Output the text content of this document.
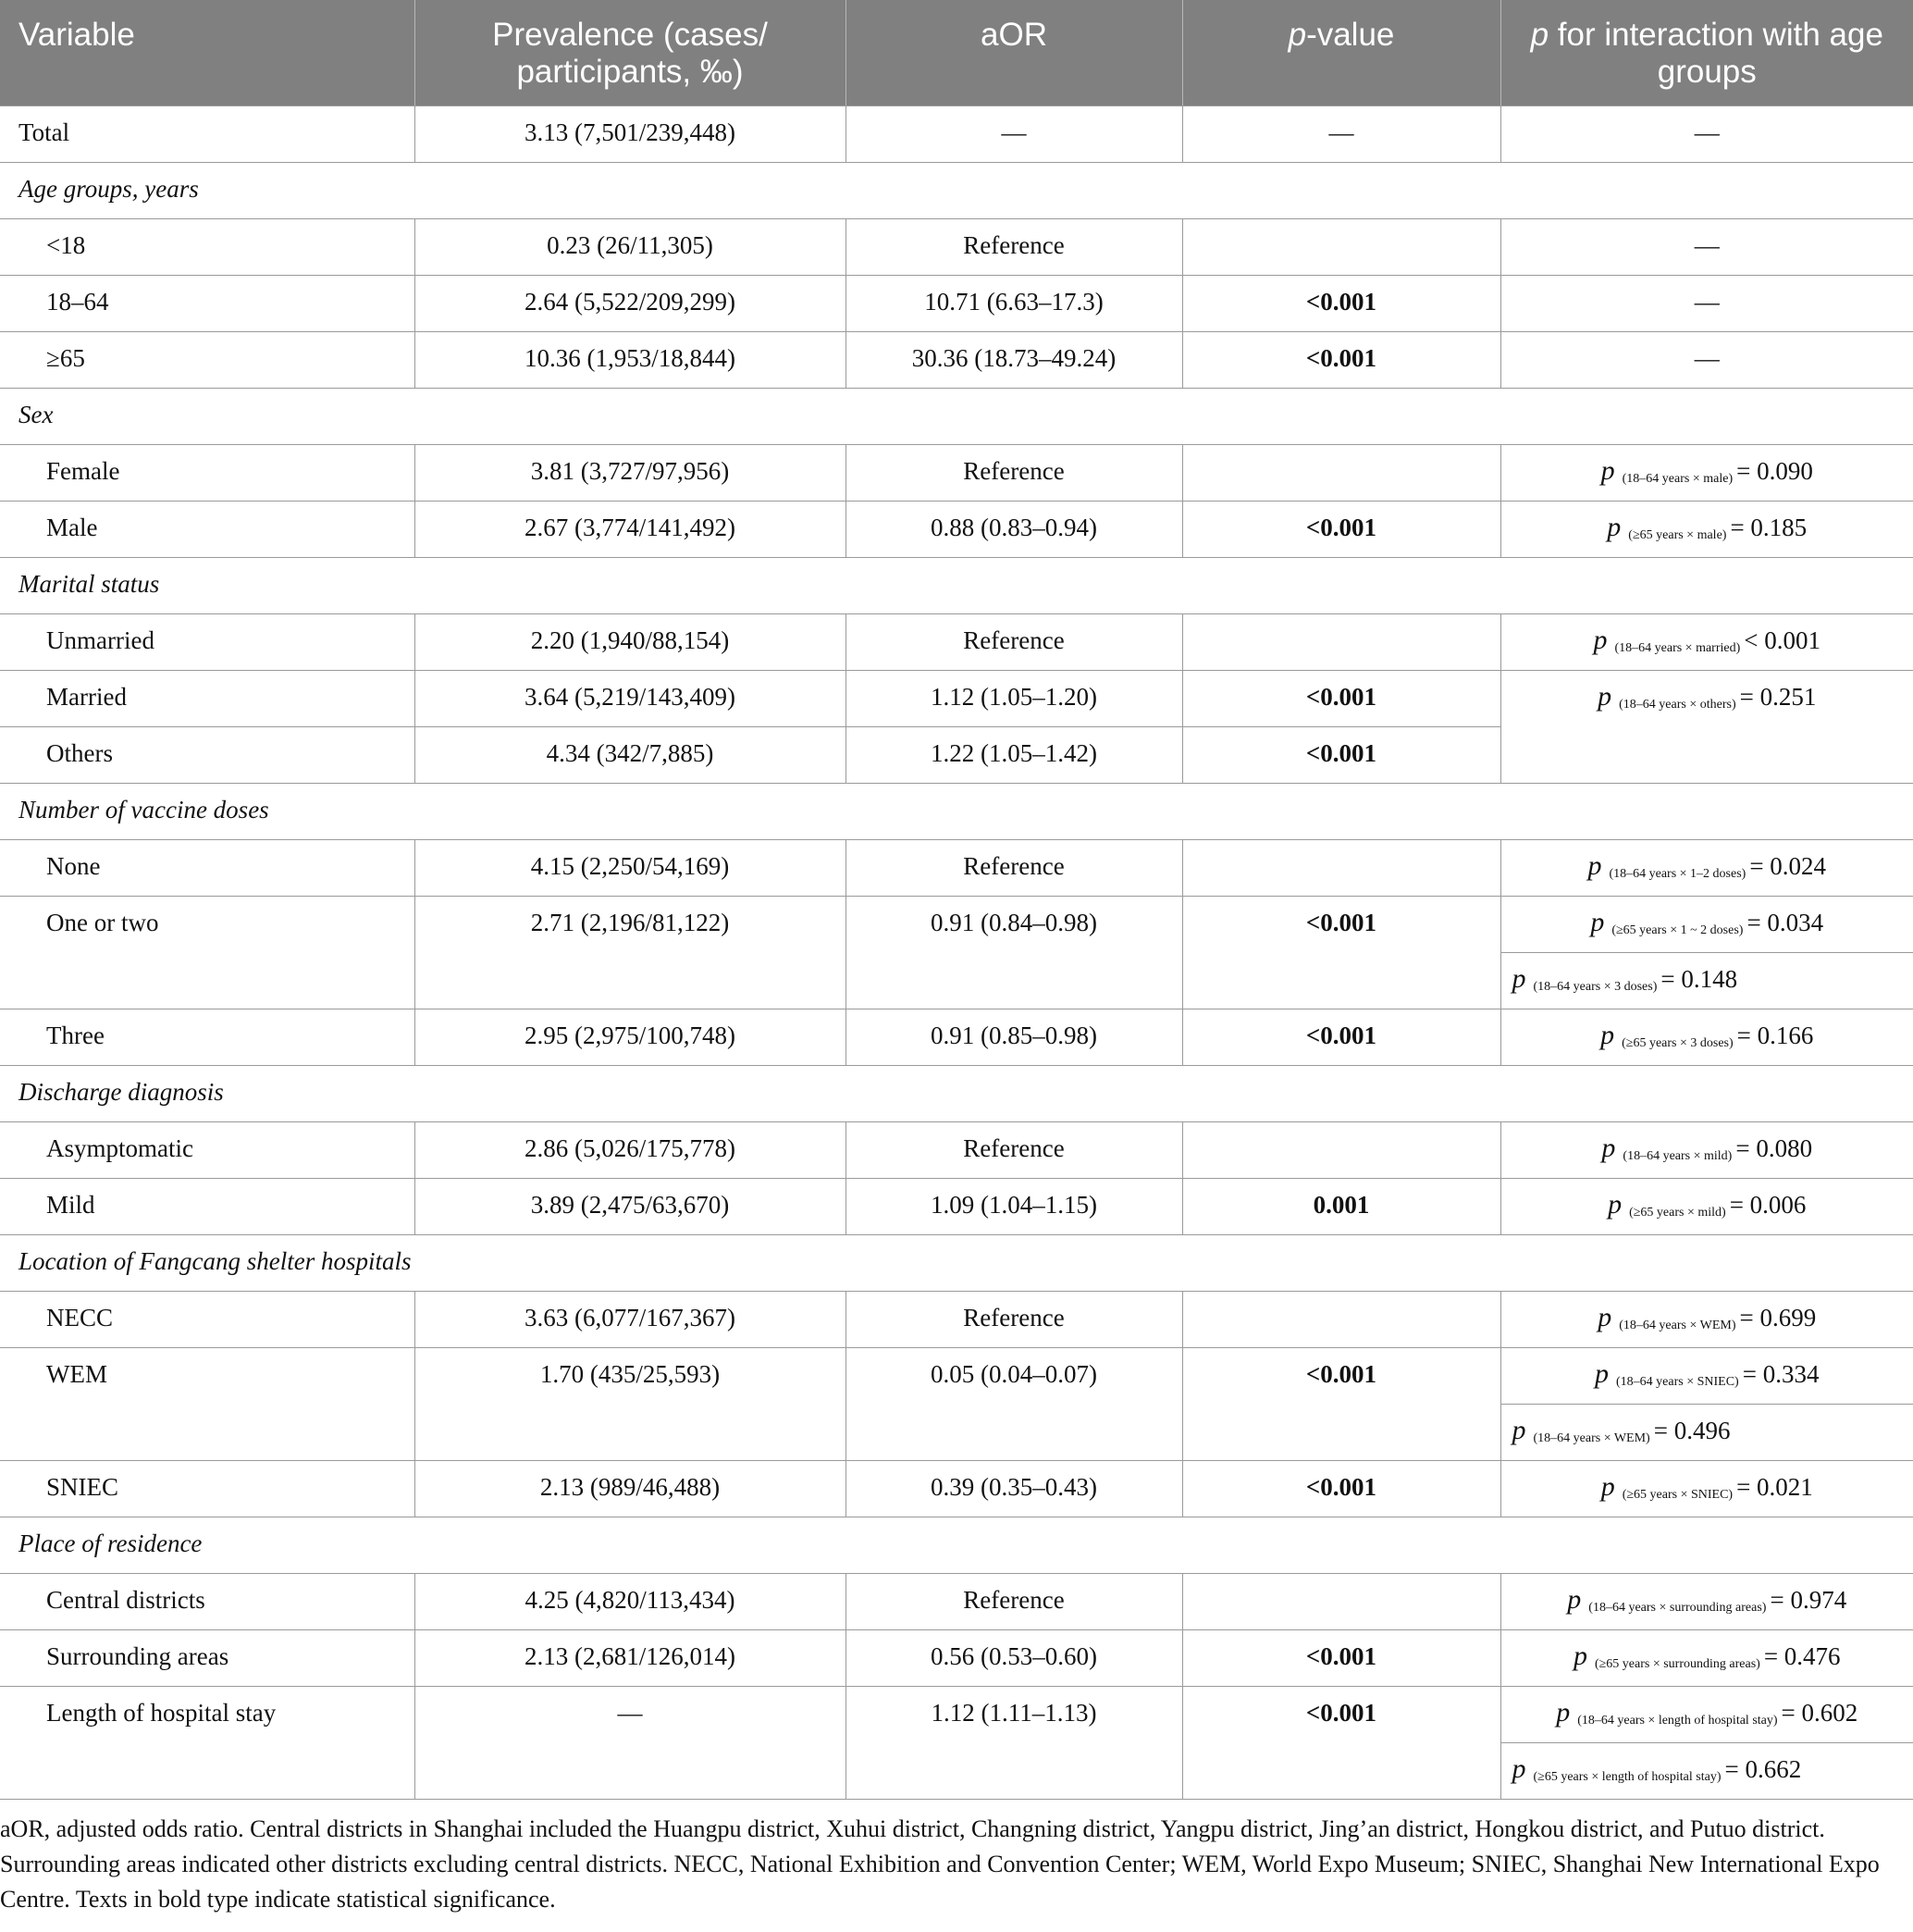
Variable	Prevalence (cases/ participants, ‰)	aOR	p-value	p for interaction with age groups
Total	3.13 (7,501/239,448)	—	—	—
Age groups, years				
<18	0.23 (26/11,305)	Reference		—
18–64	2.64 (5,522/209,299)	10.71 (6.63–17.3)	<0.001	—
≥65	10.36 (1,953/18,844)	30.36 (18.73–49.24)	<0.001	—
Sex				
Female	3.81 (3,727/97,956)	Reference		p $_{(18-64 years \times male)}$ = 0.090
Male	2.67 (3,774/141,492)	0.88 (0.83–0.94)	<0.001	p $_{(\ge 65 years \times male)}$ = 0.185
Marital status				
Unmarried	2.20 (1,940/88,154)	Reference		p $_{(18-64 years \times married)}$ < 0.001
Married	3.64 (5,219/143,409)	1.12 (1.05–1.20)	<0.001	p $_{(18-64 years \times others)}$ = 0.251
Others	4.34 (342/7,885)	1.22 (1.05–1.42)	<0.001	
Number of vaccine doses				
None	4.15 (2,250/54,169)	Reference		p $_{(18-64 years \times 1-2 doses)}$ = 0.024
One or two	2.71 (2,196/81,122)	0.91 (0.84–0.98)	<0.001	p $_{(\ge 65 years \times 1 \sim 2 doses)}$ = 0.034
				p $_{(18-64 years \times 3 doses)}$ = 0.148
Three	2.95 (2,975/100,748)	0.91 (0.85–0.98)	<0.001	p $_{(\ge 65 years \times 3 doses)}$ = 0.166
Discharge diagnosis				
Asymptomatic	2.86 (5,026/175,778)	Reference		p $_{(18-64 years \times mild)}$ = 0.080
Mild	3.89 (2,475/63,670)	1.09 (1.04–1.15)	0.001	p $_{(\ge 65 years \times mild)}$ = 0.006
Location of Fangcang shelter hospitals				
NECC	3.63 (6,077/167,367)	Reference		p $_{(18-64 years \times WEM)}$ = 0.699
WEM	1.70 (435/25,593)	0.05 (0.04–0.07)	<0.001	p $_{(18-64 years \times SNIEC)}$ = 0.334
				p $_{(18-64 years \times WEM)}$ = 0.496
SNIEC	2.13 (989/46,488)	0.39 (0.35–0.43)	<0.001	p $_{(\ge 65 years \times SNIEC)}$ = 0.021
Place of residence				
Central districts	4.25 (4,820/113,434)	Reference		p $_{(18-64 years \times surrounding areas)}$ = 0.974
Surrounding areas	2.13 (2,681/126,014)	0.56 (0.53–0.60)	<0.001	p $_{(\ge 65 years \times surrounding areas)}$ = 0.476
Length of hospital stay	—	1.12 (1.11–1.13)	<0.001	p $_{(18-64 years \times length of hospital stay)}$ = 0.602
				p $_{(\ge 65 years \times length of hospital stay)}$ = 0.662

aOR, adjusted odds ratio. Central districts in Shanghai included the Huangpu district, Xuhui district, Changning district, Yangpu district, Jing’an district, Hongkou district, and Putuo district. Surrounding areas indicated other districts excluding central districts. NECC, National Exhibition and Convention Center; WEM, World Expo Museum; SNIEC, Shanghai New International Expo Centre. Texts in bold type indicate statistical significance.
